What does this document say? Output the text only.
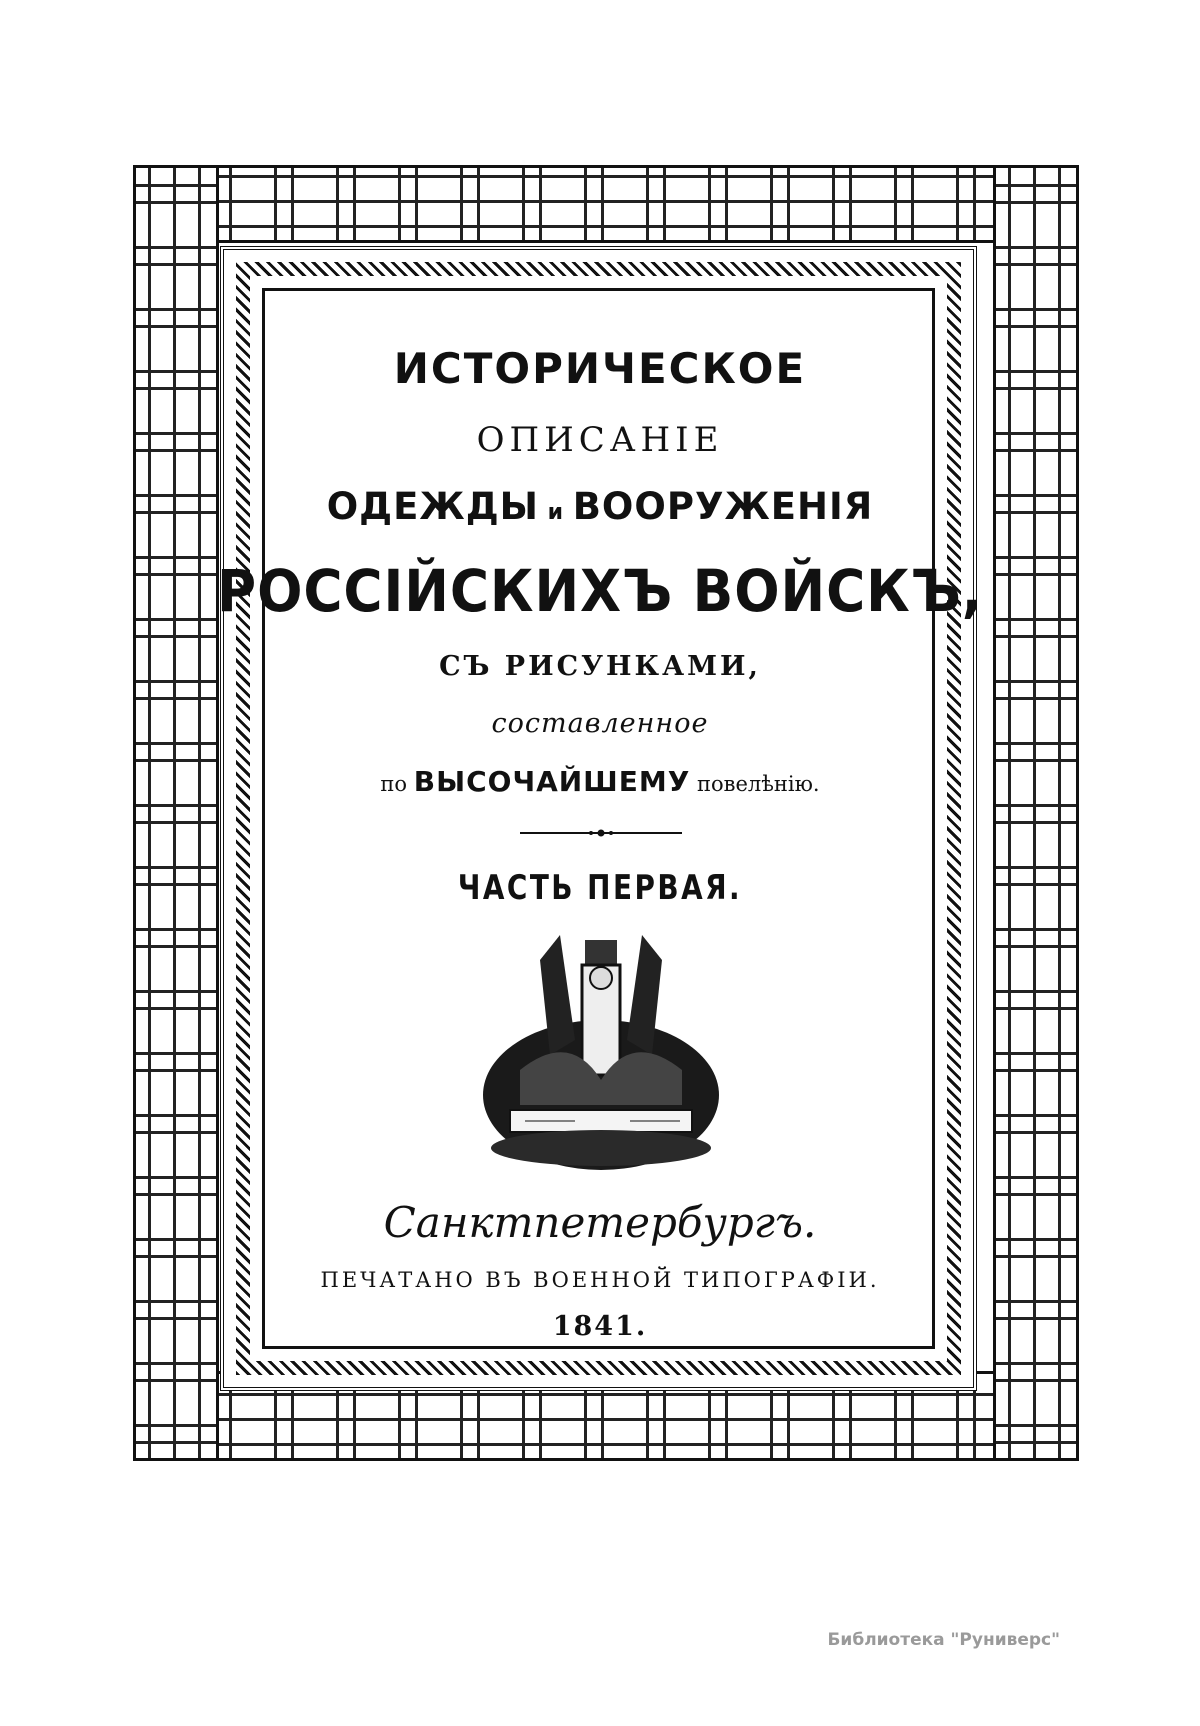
ИСТОРИЧЕСКОЕ
ОПИСАНІЕ
ОДЕЖДЫ и ВООРУЖЕНІЯ
РОССІЙСКИХЪ ВОЙСКЪ,
СЪ РИСУНКАМИ,
составленное
по ВЫСОЧАЙШЕМУ повелѣнію.
ЧАСТЬ ПЕРВАЯ.
Санктпетербургъ.
ПЕЧАТАНО ВЪ ВОЕННОЙ ТИПОГРАФІИ.
1841.
Библиотека "Руниверс"
